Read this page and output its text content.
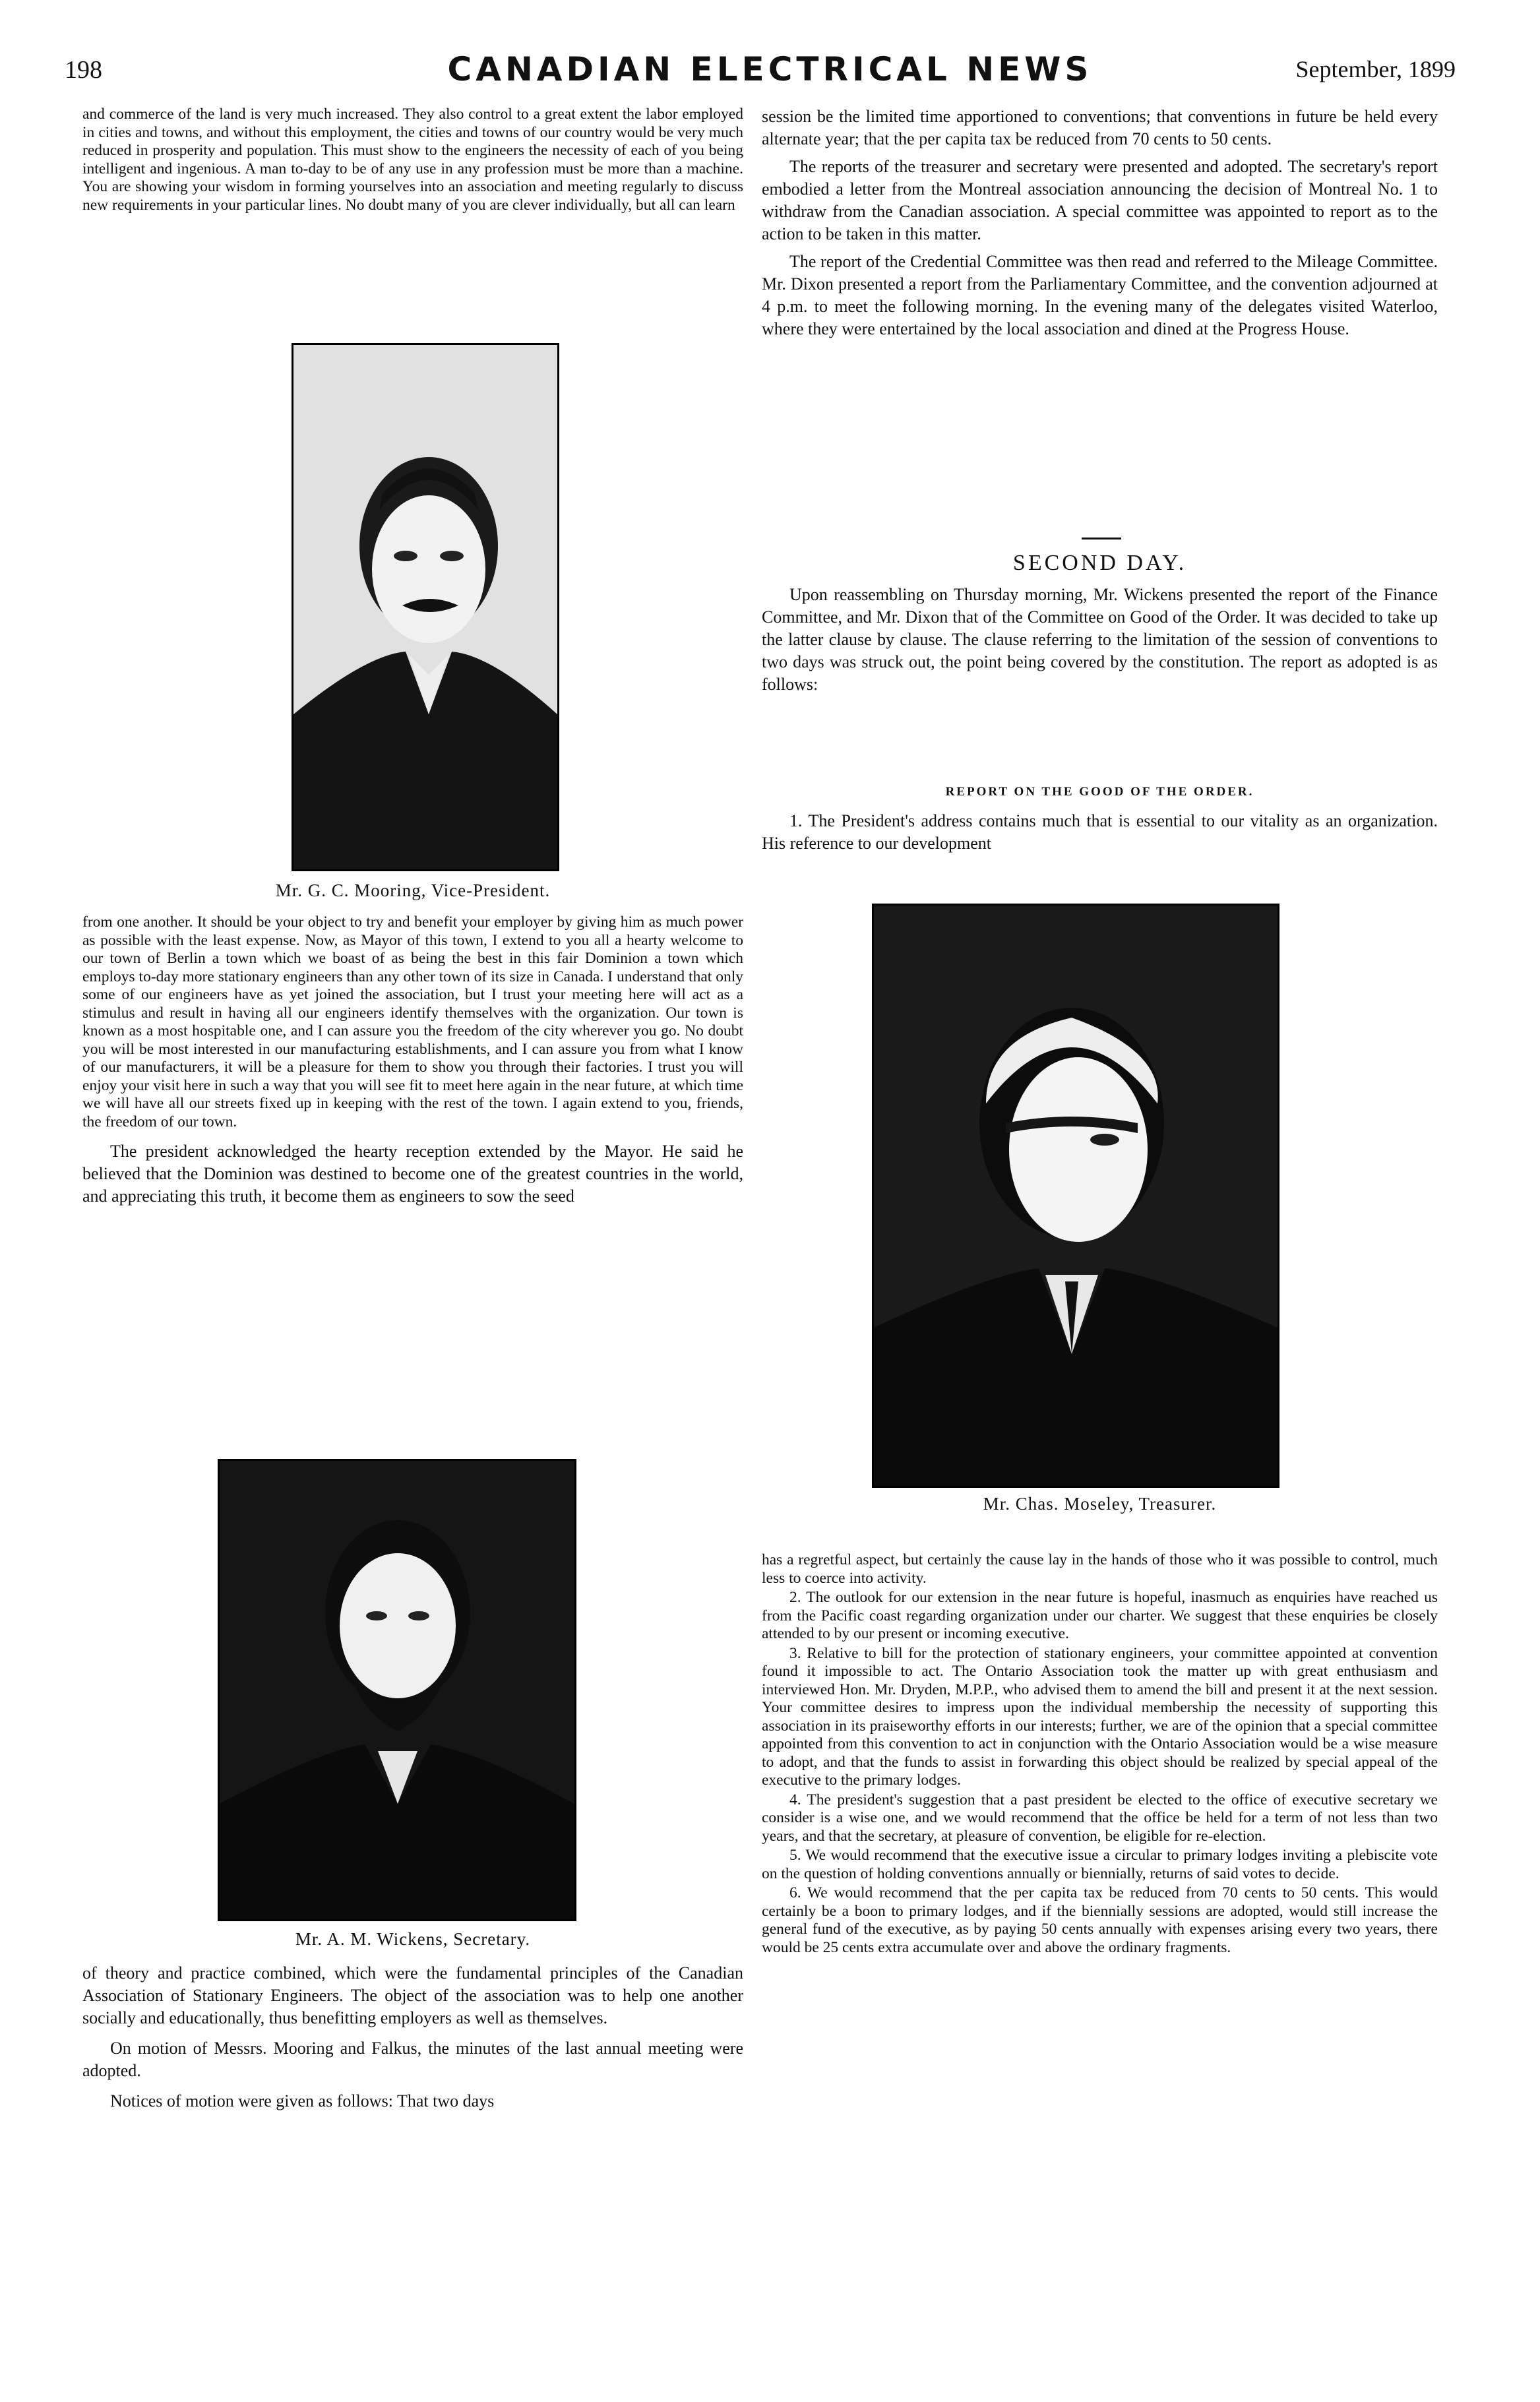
198	CANADIAN ELECTRICAL NEWS	September, 1899

and commerce of the land is very much increased. They also control to a great extent the labor employed in cities and towns, and without this employment, the cities and towns of our country would be very much reduced in prosperity and population. This must show to the engineers the necessity of each of you being intelligent and ingenious. A man to-day to be of any use in any profession must be more than a machine. You are showing your wisdom in forming yourselves into an association and meeting regularly to discuss new requirements in your particular lines. No doubt many of you are clever individually, but all can learn

Mr. G. C. Mooring, Vice-President.

from one another. It should be your object to try and benefit your employer by giving him as much power as possible with the least expense. Now, as Mayor of this town, I extend to you all a hearty welcome to our town of Berlin a town which we boast of as being the best in this fair Dominion a town which employs to-day more stationary engineers than any other town of its size in Canada. I understand that only some of our engineers have as yet joined the association, but I trust your meeting here will act as a stimulus and result in having all our engineers identify themselves with the organization. Our town is known as a most hospitable one, and I can assure you the freedom of the city wherever you go. No doubt you will be most interested in our manufacturing establishments, and I can assure you from what I know of our manufacturers, it will be a pleasure for them to show you through their factories. I trust you will enjoy your visit here in such a way that you will see fit to meet here again in the near future, at which time we will have all our streets fixed up in keeping with the rest of the town. I again extend to you, friends, the freedom of our town.

The president acknowledged the hearty reception extended by the Mayor. He said he believed that the Dominion was destined to become one of the greatest countries in the world, and appreciating this truth, it become them as engineers to sow the seed

Mr. A. M. Wickens, Secretary.

of theory and practice combined, which were the fundamental principles of the Canadian Association of Stationary Engineers. The object of the association was to help one another socially and educationally, thus benefitting employers as well as themselves.

On motion of Messrs. Mooring and Falkus, the minutes of the last annual meeting were adopted.

Notices of motion were given as follows: That two days

session be the limited time apportioned to conventions; that conventions in future be held every alternate year; that the per capita tax be reduced from 70 cents to 50 cents.

The reports of the treasurer and secretary were presented and adopted. The secretary's report embodied a letter from the Montreal association announcing the decision of Montreal No. 1 to withdraw from the Canadian association. A special committee was appointed to report as to the action to be taken in this matter.

The report of the Credential Committee was then read and referred to the Mileage Committee. Mr. Dixon presented a report from the Parliamentary Committee, and the convention adjourned at 4 p.m. to meet the following morning. In the evening many of the delegates visited Waterloo, where they were entertained by the local association and dined at the Progress House.

SECOND DAY.

Upon reassembling on Thursday morning, Mr. Wickens presented the report of the Finance Committee, and Mr. Dixon that of the Committee on Good of the Order. It was decided to take up the latter clause by clause. The clause referring to the limitation of the session of conventions to two days was struck out, the point being covered by the constitution. The report as adopted is as follows:

REPORT ON THE GOOD OF THE ORDER.

1. The President's address contains much that is essential to our vitality as an organization. His reference to our development

Mr. Chas. Moseley, Treasurer.

has a regretful aspect, but certainly the cause lay in the hands of those who it was possible to control, much less to coerce into activity.

2. The outlook for our extension in the near future is hopeful, inasmuch as enquiries have reached us from the Pacific coast regarding organization under our charter. We suggest that these enquiries be closely attended to by our present or incoming executive.

3. Relative to bill for the protection of stationary engineers, your committee appointed at convention found it impossible to act. The Ontario Association took the matter up with great enthusiasm and interviewed Hon. Mr. Dryden, M.P.P., who advised them to amend the bill and present it at the next session. Your committee desires to impress upon the individual membership the necessity of supporting this association in its praiseworthy efforts in our interests; further, we are of the opinion that a special committee appointed from this convention to act in conjunction with the Ontario Association would be a wise measure to adopt, and that the funds to assist in forwarding this object should be realized by special appeal of the executive to the primary lodges.

4. The president's suggestion that a past president be elected to the office of executive secretary we consider is a wise one, and we would recommend that the office be held for a term of not less than two years, and that the secretary, at pleasure of convention, be eligible for re-election.

5. We would recommend that the executive issue a circular to primary lodges inviting a plebiscite vote on the question of holding conventions annually or biennially, returns of said votes to decide.

6. We would recommend that the per capita tax be reduced from 70 cents to 50 cents. This would certainly be a boon to primary lodges, and if the biennially sessions are adopted, would still increase the general fund of the executive, as by paying 50 cents annually with expenses arising every two years, there would be 25 cents extra accumulate over and above the ordinary fragments.
